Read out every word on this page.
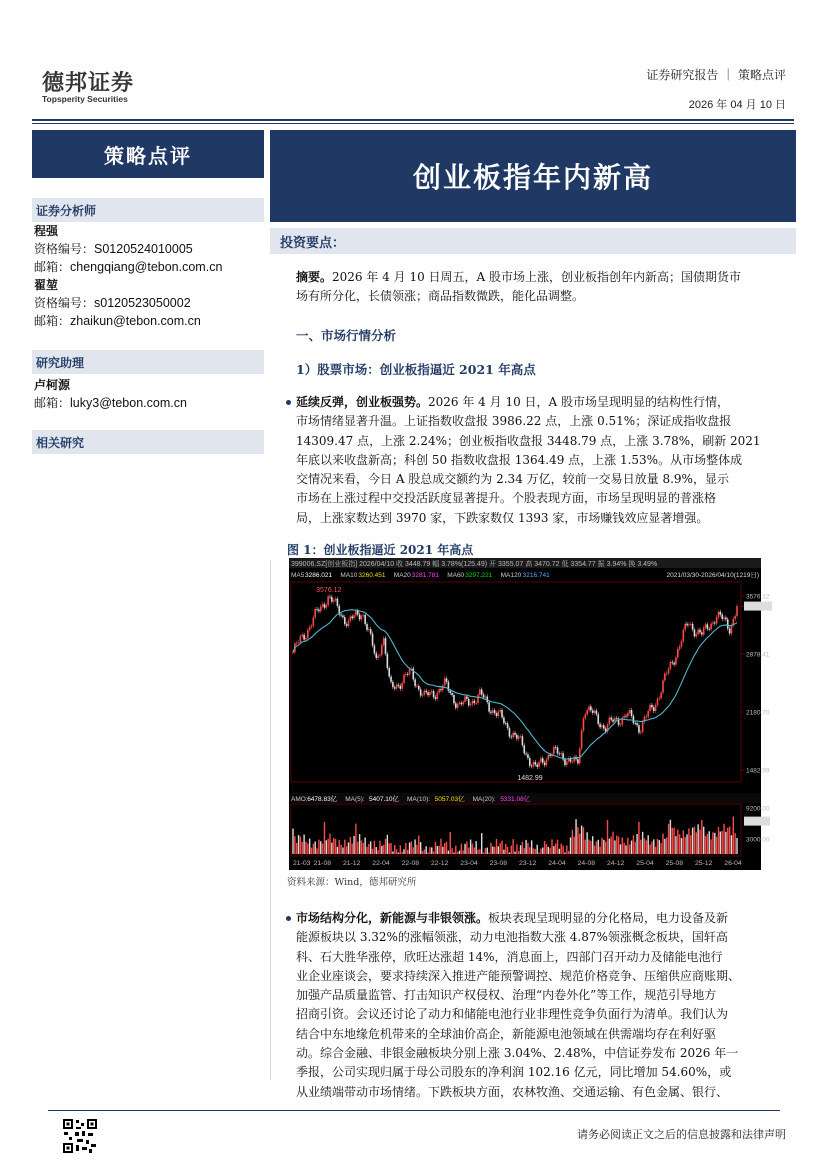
德邦证券
Topsperity Securities
证券研究报告 ｜ 策略点评
2026 年 04 月 10 日
策略点评
证券分析师
程强
资格编号：S0120524010005
邮箱：chengqiang@tebon.com.cn
翟堃
资格编号：s0120523050002
邮箱：zhaikun@tebon.com.cn
研究助理
卢柯源
邮箱：luky3@tebon.com.cn
相关研究
创业板指年内新高
投资要点：
摘要。2026 年 4 月 10 日周五，A 股市场上涨，创业板指创年内新高；国债期货市
场有所分化，长债领涨；商品指数微跌，能化品调整。
一、市场行情分析
1）股票市场：创业板指逼近 2021 年高点
延续反弹，创业板强势。2026 年 4 月 10 日，A 股市场呈现明显的结构性行情，
市场情绪显著升温。上证指数收盘报 3986.22 点，上涨 0.51%；深证成指收盘报
14309.47 点，上涨 2.24%；创业板指收盘报 3448.79 点，上涨 3.78%，刷新 2021
年底以来收盘新高；科创 50 指数收盘报 1364.49 点，上涨 1.53%。从市场整体成
交情况来看，今日 A 股总成交额约为 2.34 万亿，较前一交易日放量 8.9%，显示
市场在上涨过程中交投活跃度显著提升。个股表现方面，市场呈现明显的普涨格
局，上涨家数达到 3970 家，下跌家数仅 1393 家，市场赚钱效应显著增强。
图 1：创业板指逼近 2021 年高点
399006.SZ[创业板指] 2026/04/10 收 3448.79 幅 3.78%(125.49) 开 3355.07 高 3470.72 低 3354.77 振 3.94% 换 3.49%
MA5 3286.021 MA10 3260.451 MA20 3281.781 MA60 3297.221 MA120 3216.741	2021/03/30-2026/04/10(1219日)
3576.12
2878.41
2180.70
1482.99
3576.12
1482.99
AMO: 6478.83亿 MA(5): 5407.10亿 MA(10): 5057.03亿 MA(20): 5331.08亿
9200.00
3000.00
21-03 21-08 21-12 22-04 22-08 22-12 23-04 23-08 23-12 24-04 24-08 24-12 25-04 25-08 25-12 26-04
资料来源：Wind，德邦研究所
市场结构分化，新能源与非银领涨。板块表现呈现明显的分化格局，电力设备及新
能源板块以 3.32%的涨幅领涨，动力电池指数大涨 4.87%领涨概念板块，国轩高
科、石大胜华涨停，欣旺达涨超 14%，消息面上，四部门召开动力及储能电池行
业企业座谈会，要求持续深入推进产能预警调控、规范价格竞争、压缩供应商账期、
加强产品质量监管、打击知识产权侵权、治理“内卷外化”等工作，规范引导地方
招商引资。会议还讨论了动力和储能电池行业非理性竞争负面行为清单。我们认为
结合中东地缘危机带来的全球油价高企，新能源电池领域在供需端均存在利好驱
动。综合金融、非银金融板块分别上涨 3.04%、2.48%，中信证券发布 2026 年一
季报，公司实现归属于母公司股东的净利润 102.16 亿元，同比增加 54.60%，或
从业绩端带动市场情绪。下跌板块方面，农林牧渔、交通运输、有色金属、银行、
请务必阅读正文之后的信息披露和法律声明
